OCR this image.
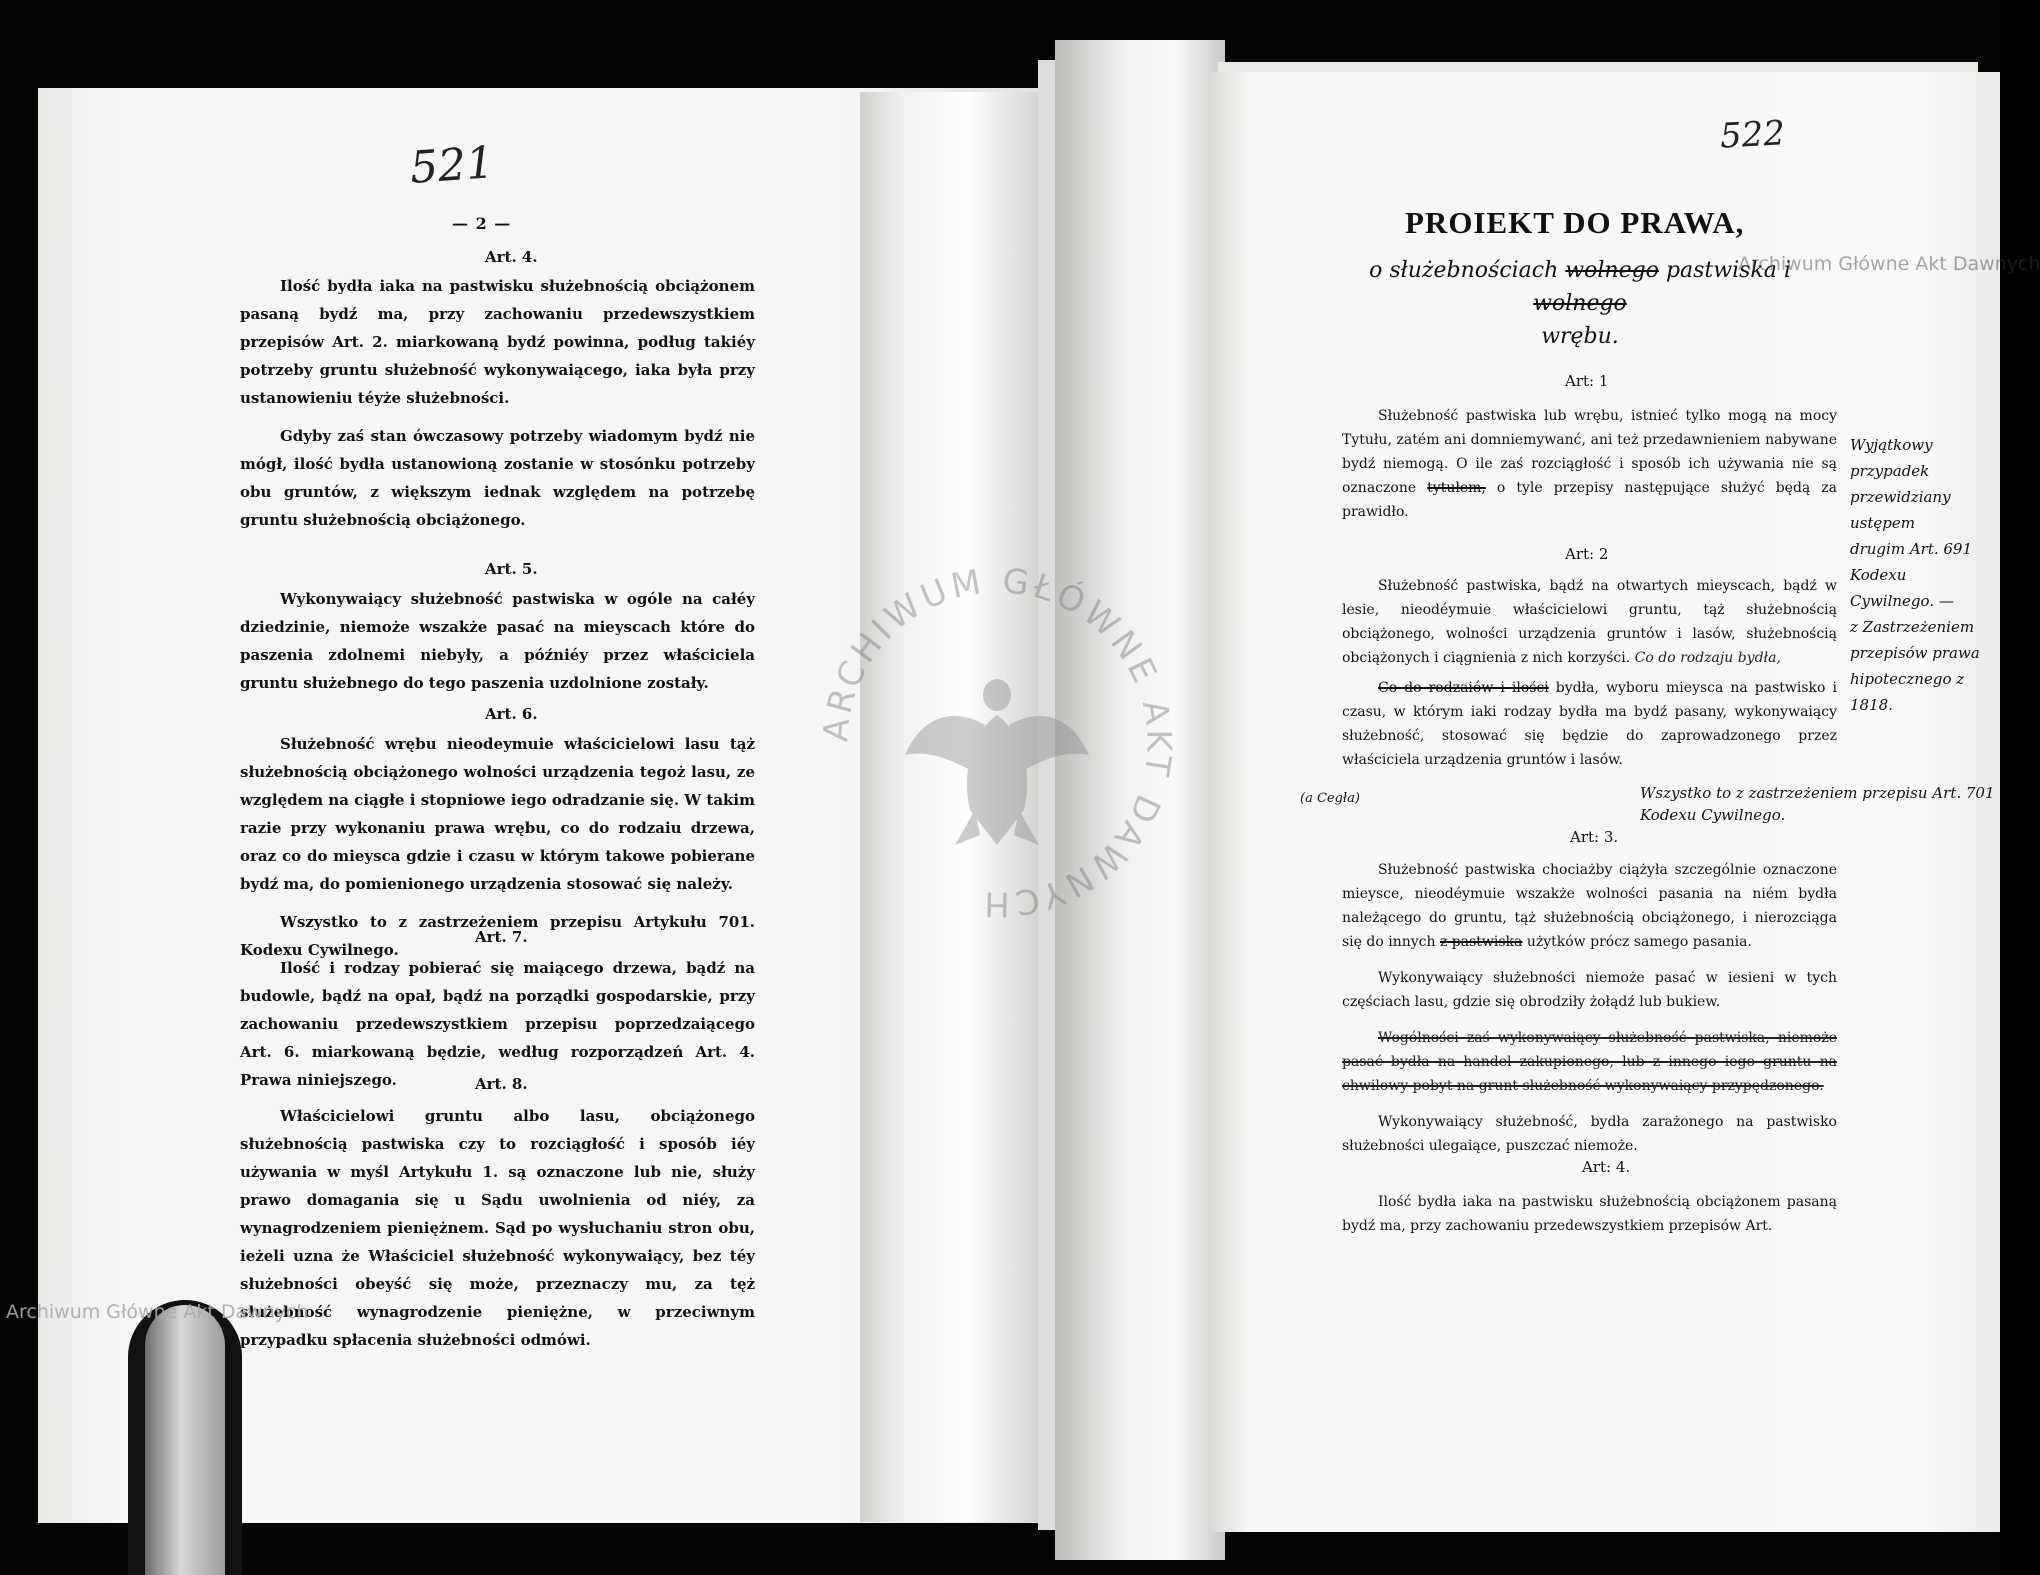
521
— 2 —
Art. 4.

Ilość bydła iaka na pastwisku służebnością obciążonem pasaną bydź ma, przy zachowaniu przedewszystkiem przepisów Art. 2. miarkowaną bydź powinna, podług takiéy potrzeby gruntu służebność wykonywaiącego, iaka była przy ustanowieniu téyże służebności.

Gdyby zaś stan ówczasowy potrzeby wiadomym bydź nie mógł, ilość bydła ustanowioną zostanie w stosónku potrzeby obu gruntów, z większym iednak względem na potrzebę gruntu służebnością obciążonego.

Art. 5.

Wykonywaiący służebność pastwiska w ogóle na całéy dziedzinie, niemoże wszakże pasać na mieyscach które do paszenia zdolnemi niebyły, a późniéy przez właściciela gruntu służebnego do tego paszenia uzdolnione zostały.

Art. 6.

Służebność wrębu nieodeymuie właścicielowi lasu tąż służebnością obciążonego wolności urządzenia tegoż lasu, ze względem na ciągłe i stopniowe iego odradzanie się. W takim razie przy wykonaniu prawa wrębu, co do rodzaiu drzewa, oraz co do mieysca gdzie i czasu w którym takowe pobierane bydź ma, do pomienionego urządzenia stosować się należy.

Wszystko to z zastrzeżeniem przepisu Artykułu 701. Kodexu Cywilnego.

Art. 7.

Ilość i rodzay pobierać się maiącego drzewa, bądź na budowle, bądź na opał, bądź na porządki gospodarskie, przy zachowaniu przedewszystkiem przepisu poprzedzaiącego Art. 6. miarkowaną będzie, według rozporządzeń Art. 4. Prawa niniejszego.	Art. 8.

Właścicielowi gruntu albo lasu, obciążonego służebnością pastwiska czy to rozciągłość i sposób iéy używania w myśl Artykułu 1. są oznaczone lub nie, służy prawo domagania się u Sądu uwolnienia od niéy, za wynagrodzeniem pieniężnem. Sąd po wysłuchaniu stron obu, ieżeli uzna że Właściciel służebność wykonywaiący, bez téy służebności obeyść się może, przeznaczy mu, za tęż służebność wynagrodzenie pieniężne, w przeciwnym przypadku spłacenia służebności odmówi.

522
PROIEKT DO PRAWA,
o służebnościach wolnego pastwiska i wolnego
wrębu.
Art: 1

Służebność pastwiska lub wrębu, istnieć tylko mogą na mocy Tytułu, zatém ani domniemywanć, ani też przedawnieniem nabywane bydź niemogą. O ile zaś rozciągłość i sposób ich używania nie są oznaczone tytułem, o tyle przepisy następujące służyć będą za prawidło.

Art: 2

Służebność pastwiska, bądź na otwartych mieyscach, bądź w lesie, nieodéymuie właścicielowi gruntu, tąż służebnością obciążonego, wolności urządzenia gruntów i lasów, służebnością obciążonych i ciągnienia z nich korzyści. Co do rodzaju bydła,

Co do rodzaiów i ilości bydła, wyboru mieysca na pastwisko i czasu, w którym iaki rodzay bydła ma bydź pasany, wykonywaiący służebność, stosować się będzie do zaprowadzonego przez właściciela urządzenia gruntów i lasów.

Wszystko to z zastrzeżeniem przepisu Art. 701 Kodexu Cywilnego.
(a Cegła)
Art: 3.

Służebność pastwiska chociażby ciążyła szczególnie oznaczone mieysce, nieodéymuie wszakże wolności pasania na niém bydła należącego do gruntu, tąż służebnością obciążonego, i nierozciąga się do innych z pastwiska użytków prócz samego pasania.

Wykonywaiący służebności niemoże pasać w iesieni w tych częściach lasu, gdzie się obrodziły żołądź lub bukiew.

Wogólności zaś wykonywaiący służebność pastwiska, niemoże pasać bydła na handel zakupionego, lub z innego iego gruntu na chwilowy pobyt na grunt służebność wykonywaiący przypędzonego.

Wykonywaiący służebność, bydła zarażonego na pastwisko służebności ulegaiące, puszczać niemoże.

Art: 4.

Ilość bydła iaka na pastwisku służebnością obciążonem pasaną bydź ma, przy zachowaniu przedewszystkiem przepisów Art.

Wyjątkowy przypadek
przewidziany ustępem
drugim Art. 691 Kodexu
Cywilnego. —
z Zastrzeżeniem
przepisów prawa
hipotecznego z
1818.
Archiwum Główne Akt Dawnych
Archiwum Główne Akt Dawnych
ARCHIWUM GŁÓWNE AKT DAWNYCH
